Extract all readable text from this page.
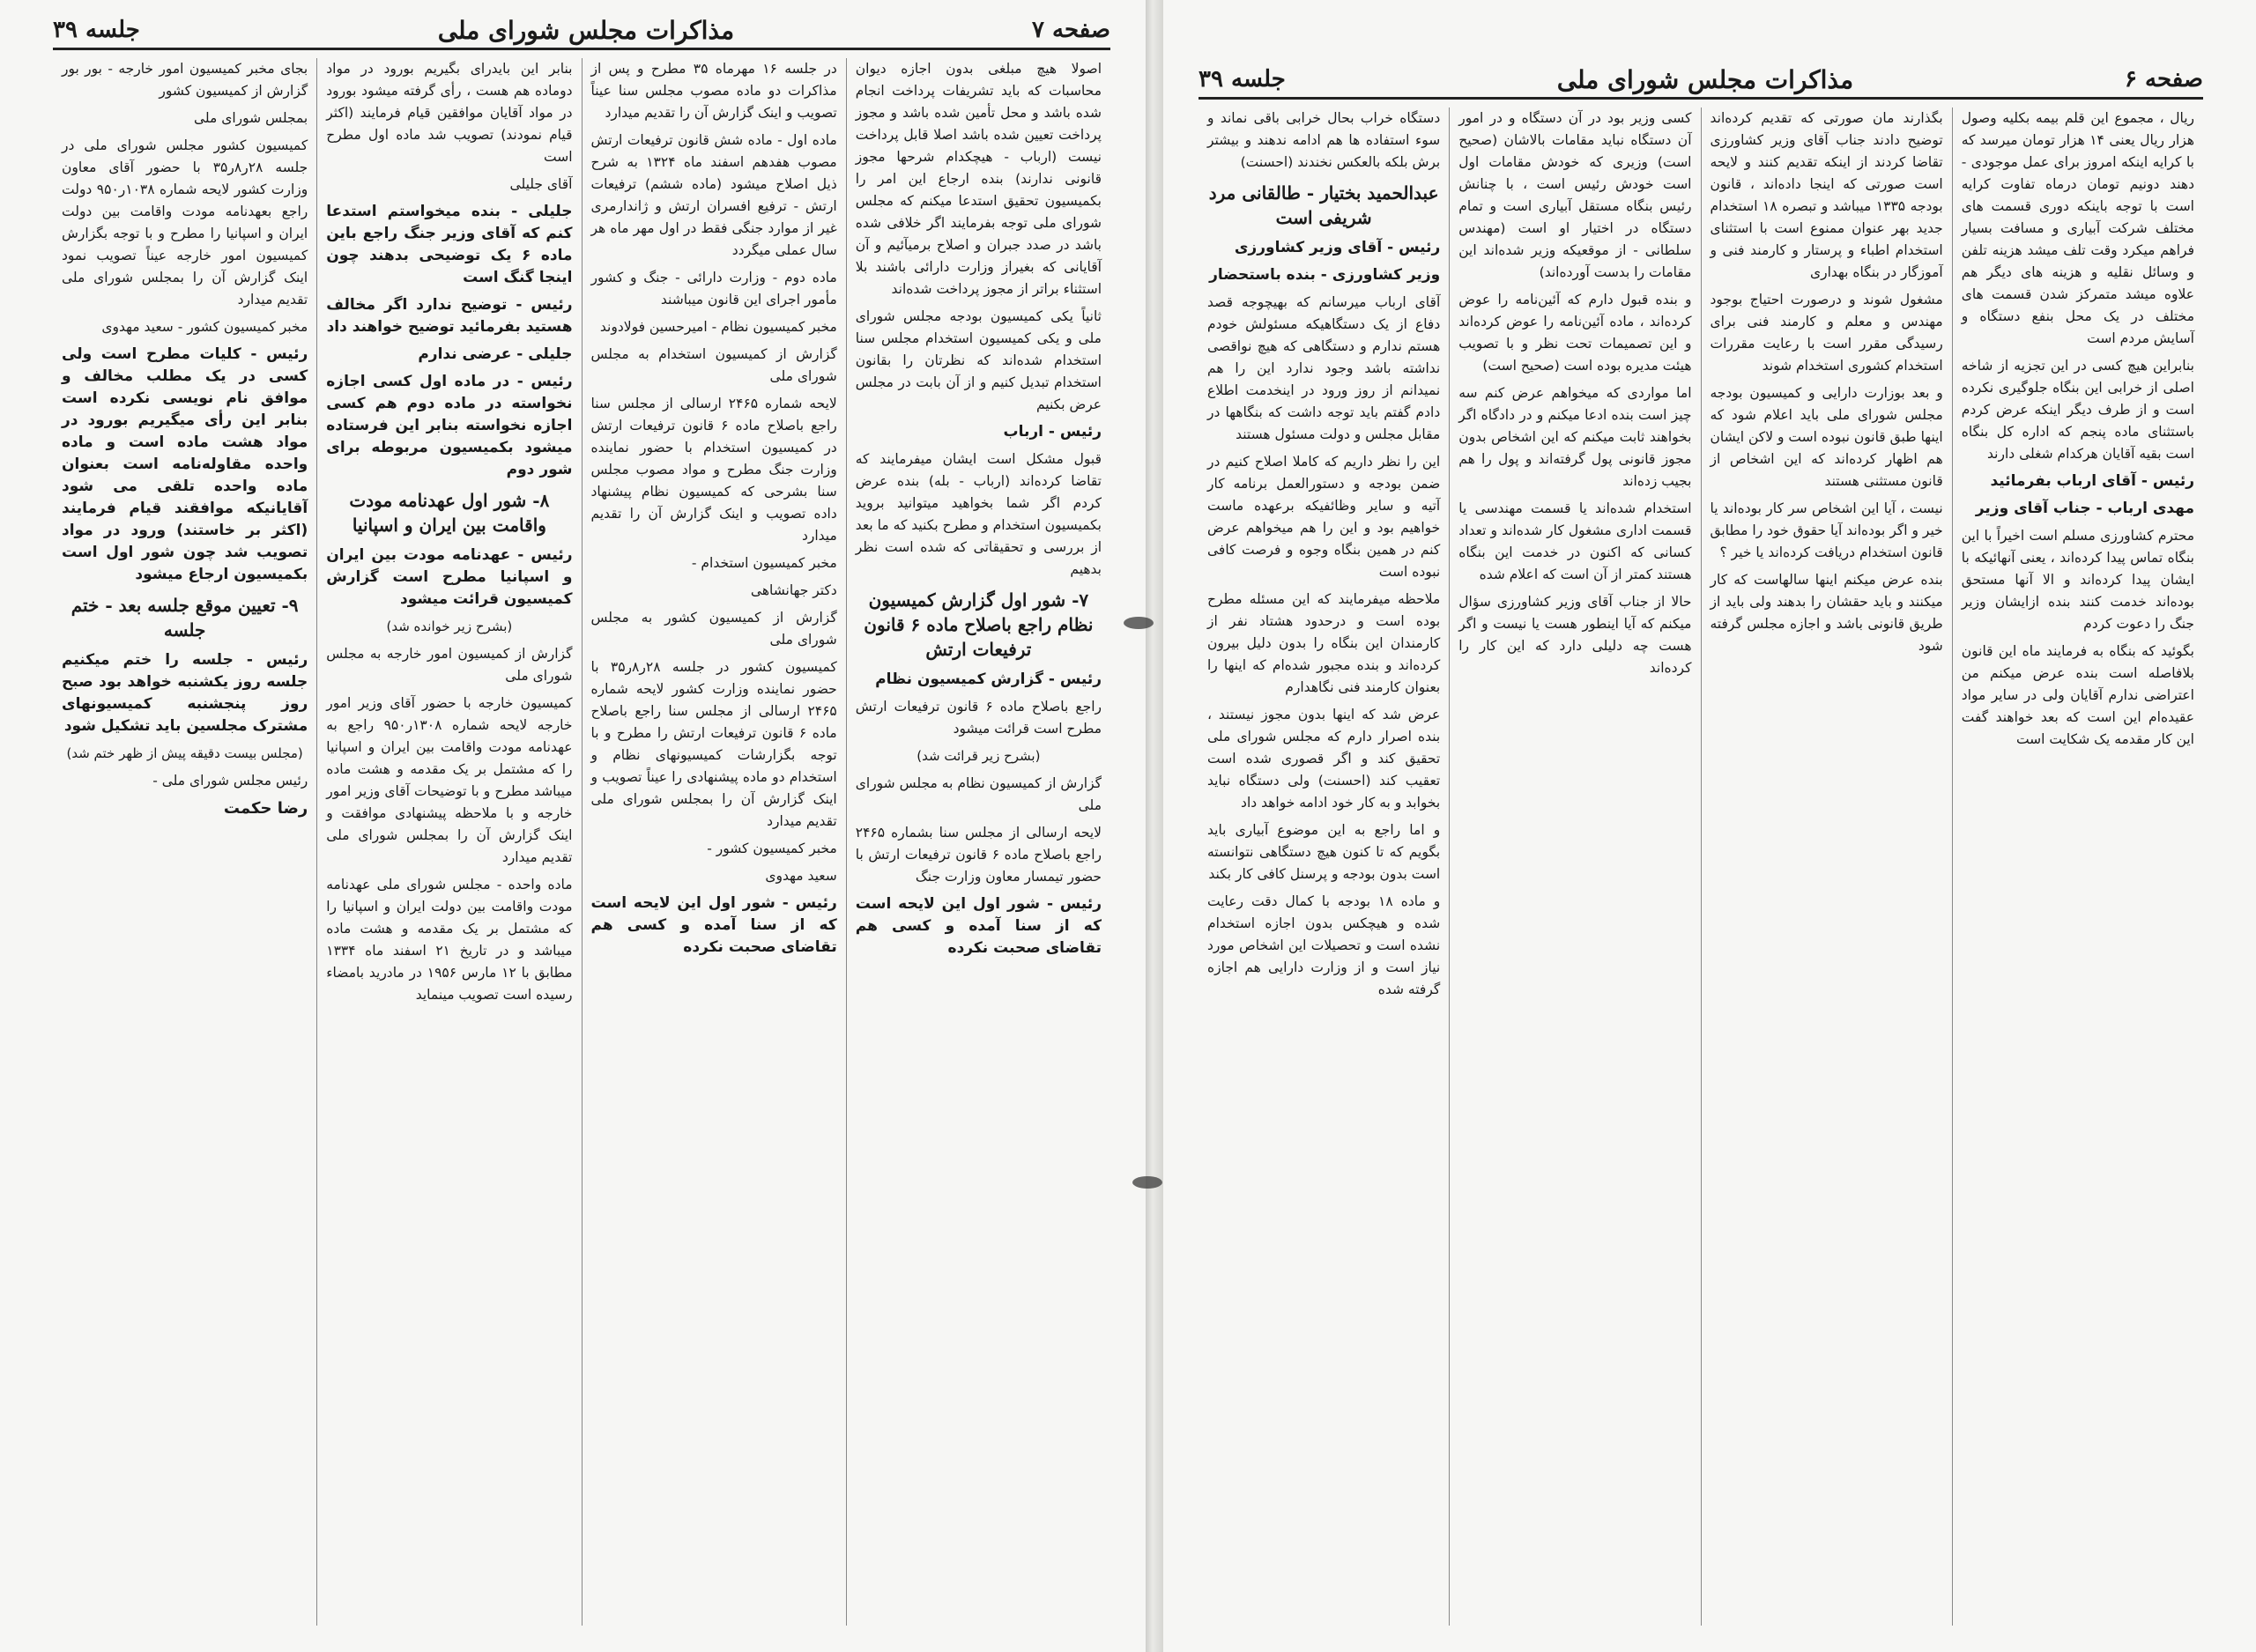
صفحه ۷
مذاکرات مجلس شورای ملی
جلسه ۳۹

اصولا هیچ مبلغی بدون اجازه دیوان محاسبات که باید تشریفات پرداخت انجام شده باشد و محل تأمین شده باشد و مجوز پرداخت تعیین شده باشد اصلا قابل پرداخت نیست (ارباب - هیچکدام شرحها مجوز قانونی ندارند) بنده ارجاع این امر را بکمیسیون تحقیق استدعا میکنم که مجلس شورای ملی توجه بفرمایند اگر خلافی شده باشد در صدد جبران و اصلاح برمیآئیم و آن آقایانی که بغیراز وزارت دارائی باشند بلا استثناء براتر از مجوز پرداخت شده‌اند

ثانیاً یکی کمیسیون بودجه مجلس شورای ملی و یکی کمیسیون استخدام مجلس سنا استخدام شده‌اند که نظرتان را بقانون استخدام تبدیل کنیم و از آن بابت در مجلس عرض بکنیم

رئیس - ارباب

قبول مشکل است ایشان میفرمایند که تقاضا کرده‌اند (ارباب - بله) بنده عرض کردم اگر شما بخواهید میتوانید بروید بکمیسیون استخدام و مطرح بکنید که ما بعد از بررسی و تحقیقاتی که شده است نظر بدهیم

۷- شور اول گزارش کمیسیون نظام راجع باصلاح ماده ۶ قانون ترفیعات ارتش

رئیس - گزارش کمیسیون نظام

راجع باصلاح ماده ۶ قانون ترفیعات ارتش مطرح است قرائت میشود

(بشرح زیر قرائت شد)

گزارش از کمیسیون نظام به مجلس شورای ملی

لایحه ارسالی از مجلس سنا بشماره ۲۴۶۵ راجع باصلاح ماده ۶ قانون ترفیعات ارتش با حضور تیمسار معاون وزارت جنگ

رئیس - شور اول این لایحه است که از سنا آمده و کسی هم تقاضای صحبت نکرده

در جلسه ۱۶ مهرماه ۳۵ مطرح و پس از مذاکرات دو ماده مصوب مجلس سنا عیناً تصویب و اینک گزارش آن را تقدیم میدارد

ماده اول - ماده شش قانون ترفیعات ارتش مصوب هفدهم اسفند ماه ۱۳۲۴ به شرح ذیل اصلاح میشود (ماده ششم) ترفیعات ارتش - ترفیع افسران ارتش و ژاندارمری غیر از موارد جنگی فقط در اول مهر ماه هر سال عملی میگردد

ماده دوم - وزارت دارائی - جنگ و کشور مأمور اجرای این قانون میباشند

مخبر کمیسیون نظام - امیرحسین فولادوند

گزارش از کمیسیون استخدام به مجلس شورای ملی

لایحه شماره ۲۴۶۵ ارسالی از مجلس سنا راجع باصلاح ماده ۶ قانون ترفیعات ارتش در کمیسیون استخدام با حضور نماینده وزارت جنگ مطرح و مواد مصوب مجلس سنا بشرحی که کمیسیون نظام پیشنهاد داده تصویب و اینک گزارش آن را تقدیم میدارد

مخبر کمیسیون استخدام -

دکتر جهانشاهی

گزارش از کمیسیون کشور به مجلس شورای ملی

کمیسیون کشور در جلسه ۲۸ر۸ر۳۵ با حضور نماینده وزارت کشور لایحه شماره ۲۴۶۵ ارسالی از مجلس سنا راجع باصلاح ماده ۶ قانون ترفیعات ارتش را مطرح و با توجه بگزارشات کمیسیونهای نظام و استخدام دو ماده پیشنهادی را عیناً تصویب و اینک گزارش آن را بمجلس شورای ملی تقدیم میدارد

مخبر کمیسیون کشور -

سعید مهدوی

رئیس - شور اول این لایحه است که از سنا آمده و کسی هم تقاضای صحبت نکرده

بنابر این بایدرای بگیریم بورود در مواد دوماده هم هست ، رأی گرفته میشود بورود در مواد آقایان موافقین قیام فرمایند (اکثر قیام نمودند) تصویب شد ماده اول مطرح است

آقای جلیلی

جلیلی - بنده میخواستم استدعا کنم که آقای وزیر جنگ راجع باین ماده ۶ یک توضیحی بدهند چون اینجا گنگ است

رئیس - توضیح ندارد اگر مخالف هستید بفرمائید توضیح خواهند داد

جلیلی - عرضی ندارم

رئیس - در ماده اول کسی اجازه نخواسته در ماده دوم هم کسی اجازه نخواسته بنابر این فرستاده میشود بکمیسیون مربوطه برای شور دوم

۸- شور اول عهدنامه مودت واقامت بین ایران و اسپانیا

رئیس - عهدنامه مودت بین ایران و اسپانیا مطرح است گزارش کمیسیون قرائت میشود

(بشرح زیر خوانده شد)

گزارش از کمیسیون امور خارجه به مجلس شورای ملی

کمیسیون خارجه با حضور آقای وزیر امور خارجه لایحه شماره ۱۳۰۸ر۹۵۰ راجع به عهدنامه مودت واقامت بین ایران و اسپانیا را که مشتمل بر یک مقدمه و هشت ماده میباشد مطرح و با توضیحات آقای وزیر امور خارجه و با ملاحظه پیشنهادی موافقت و اینک گزارش آن را بمجلس شورای ملی تقدیم میدارد

ماده واحده - مجلس شورای ملی عهدنامه مودت واقامت بین دولت ایران و اسپانیا را که مشتمل بر یک مقدمه و هشت ماده میباشد و در تاریخ ۲۱ اسفند ماه ۱۳۳۴ مطابق با ۱۲ مارس ۱۹۵۶ در مادرید بامضاء رسیده است تصویب مینماید

بجای مخبر کمیسیون امور خارجه - بور بور گزارش از کمیسیون کشور

بمجلس شورای ملی

کمیسیون کشور مجلس شورای ملی در جلسه ۲۸ر۸ر۳۵ با حضور آقای معاون وزارت کشور لایحه شماره ۱۰۳۸ر۹۵۰ دولت راجع بعهدنامه مودت واقامت بین دولت ایران و اسپانیا را مطرح و با توجه بگزارش کمیسیون امور خارجه عیناً تصویب نمود اینک گزارش آن را بمجلس شورای ملی تقدیم میدارد

مخبر کمیسیون کشور - سعید مهدوی

رئیس - کلیات مطرح است ولی کسی در یک مطلب مخالف و موافق نام نویسی نکرده است بنابر این رأی میگیریم بورود در مواد هشت ماده است و ماده واحده مقاوله‌نامه است بعنوان ماده واحده تلقی می شود آقایانیکه موافقند قیام فرمایند (اکثر بر خاستند) ورود در مواد تصویب شد چون شور اول است بکمیسیون ارجاع میشود

۹- تعیین موقع جلسه بعد - ختم جلسه

رئیس - جلسه را ختم میکنیم جلسه روز یکشنبه خواهد بود صبح روز پنجشنبه کمیسیونهای مشترک مجلسین باید تشکیل شود

(مجلس بیست دقیقه پیش از ظهر ختم شد)

رئیس مجلس شورای ملی -

رضا حکمت

صفحه ۶
مذاکرات مجلس شورای ملی
جلسه ۳۹

ریال ، مجموع این قلم بیمه بکلیه وصول هزار ریال یعنی ۱۴ هزار تومان میرسد که با کرایه اینکه امروز برای عمل موجودی - دهند دونیم تومان درماه تفاوت کرایه است با توجه باینکه دوری قسمت های مختلف شرکت آبیاری و مسافت بسیار فراهم میکرد وقت تلف میشد هزینه تلفن و وسائل نقلیه و هزینه های دیگر هم علاوه میشد متمرکز شدن قسمت های مختلف در یک محل بنفع دستگاه و آسایش مردم است

بنابراین هیچ کسی در این تجزیه از شاخه اصلی از خرابی این بنگاه جلوگیری نکرده است و از طرف دیگر اینکه عرض کردم باستثنای ماده پنجم که اداره کل بنگاه است بقیه آقایان هرکدام شغلی دارند

رئیس - آقای ارباب بفرمائید

مهدی ارباب - جناب آقای وزیر

محترم کشاورزی مسلم است اخیراً با این بنگاه تماس پیدا کرده‌اند ، یعنی آنهائیکه با ایشان پیدا کرده‌اند و الا آنها مستحق بوده‌اند خدمت کنند بنده ازایشان وزیر جنگ را دعوت کردم

بگوئید که بنگاه به فرمایند ماه این قانون بلافاصله است بنده عرض میکنم من اعتراضی ندارم آقایان ولی در سایر مواد عقیده‌ام این است که بعد خواهند گفت این کار مقدمه یک شکایت است

بگذارند مان صورتی که تقدیم کرده‌اند توضیح دادند جناب آقای وزیر کشاورزی تقاضا کردند از اینکه تقدیم کنند و لایحه است صورتی که اینجا داده‌اند ، قانون بودجه ۱۳۳۵ میباشد و تبصره ۱۸ استخدام جدید بهر عنوان ممنوع است با استثنای استخدام اطباء و پرستار و کارمند فنی و آموزگار در بنگاه بهداری

مشغول شوند و درصورت احتیاج بوجود مهندس و معلم و کارمند فنی برای رسیدگی مقرر است با رعایت مقررات استخدام کشوری استخدام شوند

و بعد بوزارت دارایی و کمیسیون بودجه مجلس شورای ملی باید اعلام شود که اینها طبق قانون نبوده است و لاکن ایشان هم اظهار کرده‌اند که این اشخاص از قانون مستثنی هستند

نیست ، آیا این اشخاص سر کار بوده‌اند یا خیر و اگر بوده‌اند آیا حقوق خود را مطابق قانون استخدام دریافت کرده‌اند یا خیر ؟

بنده عرض میکنم اینها سالهاست که کار میکنند و باید حقشان را بدهند ولی باید از طریق قانونی باشد و اجازه مجلس گرفته شود

کسی وزیر بود در آن دستگاه و در امور آن دستگاه نباید مقامات بالاشان (صحیح است) وزیری که خودش مقامات اول است خودش رئیس است ، با چنانش رئیس بنگاه مستقل آبیاری است و تمام دستگاه در اختیار او است (مهندس سلطانی - از موقعیکه وزیر شده‌اند این مقامات را بدست آورده‌اند)

و بنده قبول دارم که آئین‌نامه را عوض کرده‌اند ، ماده آئین‌نامه را عوض کرده‌اند و این تصمیمات تحت نظر و با تصویب هیئت مدیره بوده است (صحیح است)

اما مواردی که میخواهم عرض کنم سه چیز است بنده ادعا میکنم و در دادگاه اگر بخواهند ثابت میکنم که این اشخاص بدون مجوز قانونی پول گرفته‌اند و پول را هم بجیب زده‌اند

استخدام شده‌اند یا قسمت مهندسی یا قسمت اداری مشغول کار شده‌اند و تعداد کسانی که اکنون در خدمت این بنگاه هستند کمتر از آن است که اعلام شده

حالا از جناب آقای وزیر کشاورزی سؤال میکنم که آیا اینطور هست یا نیست و اگر هست چه دلیلی دارد که این کار را کرده‌اند

دستگاه خراب بحال خرابی باقی نماند و سوء استفاده ها هم ادامه ندهند و بیشتر برش بلکه بالعکس نخندند (احسنت)

عبدالحمید بختیار - طالقانی مرد شریفی است

رئیس - آقای وزیر کشاورزی

وزیر کشاورزی - بنده باستحضار

آقای ارباب میرسانم که بهیچوجه قصد دفاع از یک دستگاهیکه مسئولش خودم هستم ندارم و دستگاهی که هیچ نواقصی نداشته باشد وجود ندارد این را هم نمیدانم از روز ورود در اینخدمت اطلاع دادم گفتم باید توجه داشت که بنگاهها در مقابل مجلس و دولت مسئول هستند

این را نظر داریم که کاملا اصلاح کنیم در ضمن بودجه و دستورالعمل برنامه کار آتیه و سایر وظائفیکه برعهده ماست خواهیم بود و این را هم میخواهم عرض کنم در همین بنگاه وجوه و فرصت کافی نبوده است

ملاحظه میفرمایند که این مسئله مطرح بوده است و درحدود هشتاد نفر از کارمندان این بنگاه را بدون دلیل بیرون کرده‌اند و بنده مجبور شده‌ام که اینها را بعنوان کارمند فنی نگاهدارم

عرض شد که اینها بدون مجوز نیستند ، بنده اصرار دارم که مجلس شورای ملی تحقیق کند و اگر قصوری شده است تعقیب کند (احسنت) ولی دستگاه نباید بخوابد و به کار خود ادامه خواهد داد

و اما راجع به این موضوع آبیاری باید بگویم که تا کنون هیچ دستگاهی نتوانسته است بدون بودجه و پرسنل کافی کار بکند

و ماده ۱۸ بودجه با کمال دقت رعایت شده و هیچکس بدون اجازه استخدام نشده است و تحصیلات این اشخاص مورد نیاز است و از وزارت دارایی هم اجازه گرفته شده
